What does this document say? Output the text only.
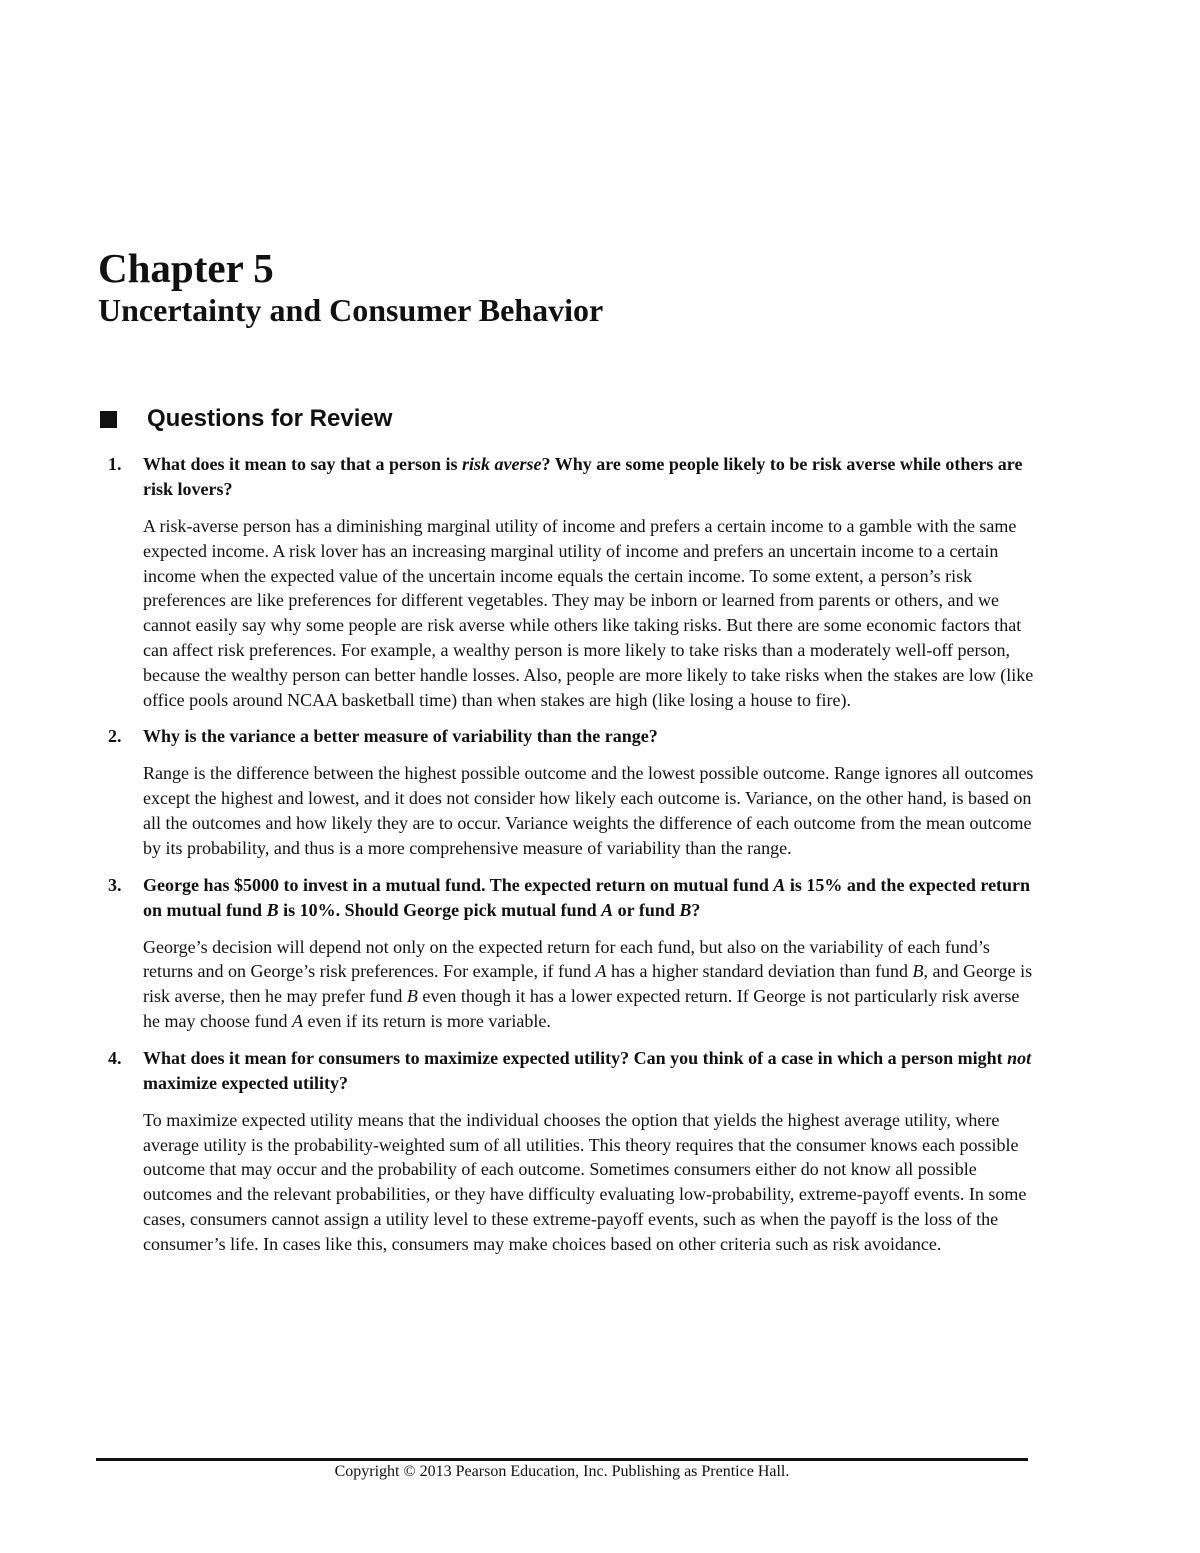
Chapter 5
Uncertainty and Consumer Behavior
Questions for Review
1. What does it mean to say that a person is risk averse? Why are some people likely to be risk averse while others are risk lovers?

A risk-averse person has a diminishing marginal utility of income and prefers a certain income to a gamble with the same expected income. A risk lover has an increasing marginal utility of income and prefers an uncertain income to a certain income when the expected value of the uncertain income equals the certain income. To some extent, a person’s risk preferences are like preferences for different vegetables. They may be inborn or learned from parents or others, and we cannot easily say why some people are risk averse while others like taking risks. But there are some economic factors that can affect risk preferences. For example, a wealthy person is more likely to take risks than a moderately well-off person, because the wealthy person can better handle losses. Also, people are more likely to take risks when the stakes are low (like office pools around NCAA basketball time) than when stakes are high (like losing a house to fire).

2. Why is the variance a better measure of variability than the range?

Range is the difference between the highest possible outcome and the lowest possible outcome. Range ignores all outcomes except the highest and lowest, and it does not consider how likely each outcome is. Variance, on the other hand, is based on all the outcomes and how likely they are to occur. Variance weights the difference of each outcome from the mean outcome by its probability, and thus is a more comprehensive measure of variability than the range.

3. George has $5000 to invest in a mutual fund. The expected return on mutual fund A is 15% and the expected return on mutual fund B is 10%. Should George pick mutual fund A or fund B?

George’s decision will depend not only on the expected return for each fund, but also on the variability of each fund’s returns and on George’s risk preferences. For example, if fund A has a higher standard deviation than fund B, and George is risk averse, then he may prefer fund B even though it has a lower expected return. If George is not particularly risk averse he may choose fund A even if its return is more variable.

4. What does it mean for consumers to maximize expected utility? Can you think of a case in which a person might not maximize expected utility?

To maximize expected utility means that the individual chooses the option that yields the highest average utility, where average utility is the probability-weighted sum of all utilities. This theory requires that the consumer knows each possible outcome that may occur and the probability of each outcome. Sometimes consumers either do not know all possible outcomes and the relevant probabilities, or they have difficulty evaluating low-probability, extreme-payoff events. In some cases, consumers cannot assign a utility level to these extreme-payoff events, such as when the payoff is the loss of the consumer’s life. In cases like this, consumers may make choices based on other criteria such as risk avoidance.

Copyright © 2013 Pearson Education, Inc. Publishing as Prentice Hall.
